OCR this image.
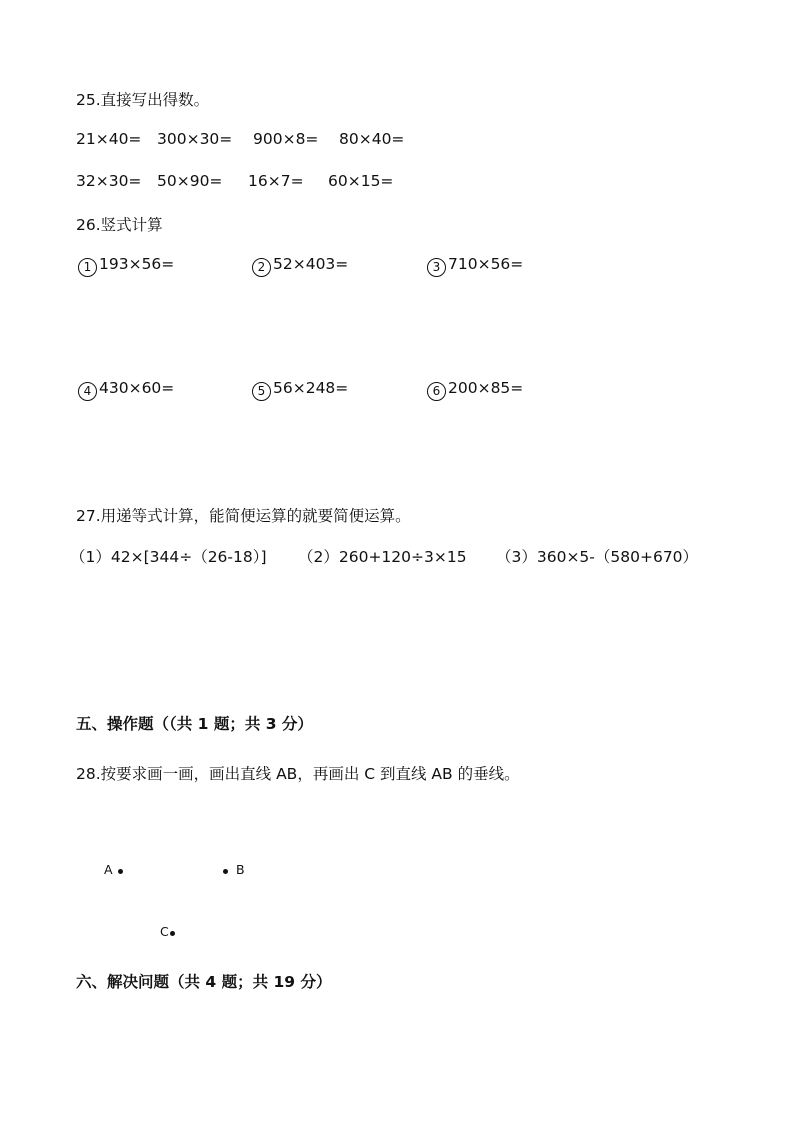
25.直接写出得数。
21×40= 300×30= 900×8= 80×40=
32×30= 50×90= 16×7= 60×15=
26.竖式计算
1 193×56=	2 52×403=	3 710×56=
4 430×60=	5 56×248=	6 200×85=
27.用递等式计算，能简便运算的就要简便运算。
（1）42×[344÷（26-18）] （2）260+120÷3×15 （3）360×5-（580+670）
五、操作题（（共 1 题；共 3 分）
28.按要求画一画，画出直线 AB，再画出 C 到直线 AB 的垂线。
A	B
C
六、解决问题（共 4 题；共 19 分）
